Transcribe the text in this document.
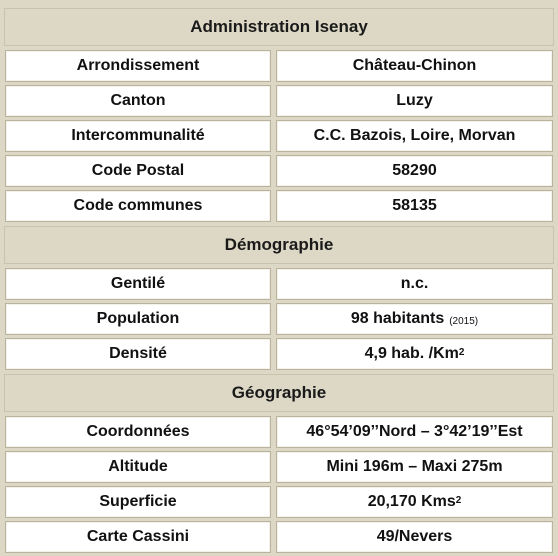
Administration Isenay
Arrondissement	Château-Chinon
Canton	Luzy
Intercommunalité	C.C. Bazois, Loire, Morvan
Code Postal	58290
Code communes	58135
Démographie
Gentilé	n.c.
Population	98 habitants (2015)
Densité	4,9 hab. /Km$^2$
Géographie
Coordonnées	46°54’09’’Nord – 3°42’19’’Est
Altitude	Mini 196m – Maxi 275m
Superficie	20,170 Kms$^2$
Carte Cassini	49/Nevers
